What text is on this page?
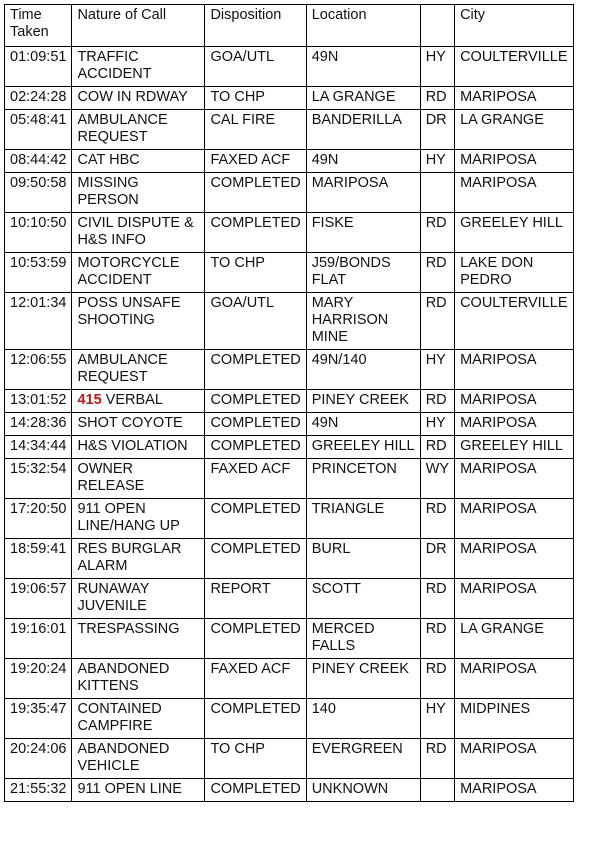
Time Taken	Nature of Call	Disposition	Location		City
01:09:51	TRAFFIC ACCIDENT	GOA/UTL	49N	HY	COULTERVILLE
02:24:28	COW IN RDWAY	TO CHP	LA GRANGE	RD	MARIPOSA
05:48:41	AMBULANCE REQUEST	CAL FIRE	BANDERILLA	DR	LA GRANGE
08:44:42	CAT HBC	FAXED ACF	49N	HY	MARIPOSA
09:50:58	MISSING PERSON	COMPLETED	MARIPOSA		MARIPOSA
10:10:50	CIVIL DISPUTE & H&S INFO	COMPLETED	FISKE	RD	GREELEY HILL
10:53:59	MOTORCYCLE ACCIDENT	TO CHP	J59/BONDS FLAT	RD	LAKE DON PEDRO
12:01:34	POSS UNSAFE SHOOTING	GOA/UTL	MARY HARRISON MINE	RD	COULTERVILLE
12:06:55	AMBULANCE REQUEST	COMPLETED	49N/140	HY	MARIPOSA
13:01:52	415 VERBAL	COMPLETED	PINEY CREEK	RD	MARIPOSA
14:28:36	SHOT COYOTE	COMPLETED	49N	HY	MARIPOSA
14:34:44	H&S VIOLATION	COMPLETED	GREELEY HILL	RD	GREELEY HILL
15:32:54	OWNER RELEASE	FAXED ACF	PRINCETON	WY	MARIPOSA
17:20:50	911 OPEN LINE/HANG UP	COMPLETED	TRIANGLE	RD	MARIPOSA
18:59:41	RES BURGLAR ALARM	COMPLETED	BURL	DR	MARIPOSA
19:06:57	RUNAWAY JUVENILE	REPORT	SCOTT	RD	MARIPOSA
19:16:01	TRESPASSING	COMPLETED	MERCED FALLS	RD	LA GRANGE
19:20:24	ABANDONED KITTENS	FAXED ACF	PINEY CREEK	RD	MARIPOSA
19:35:47	CONTAINED CAMPFIRE	COMPLETED	140	HY	MIDPINES
20:24:06	ABANDONED VEHICLE	TO CHP	EVERGREEN	RD	MARIPOSA
21:55:32	911 OPEN LINE	COMPLETED	UNKNOWN		MARIPOSA
